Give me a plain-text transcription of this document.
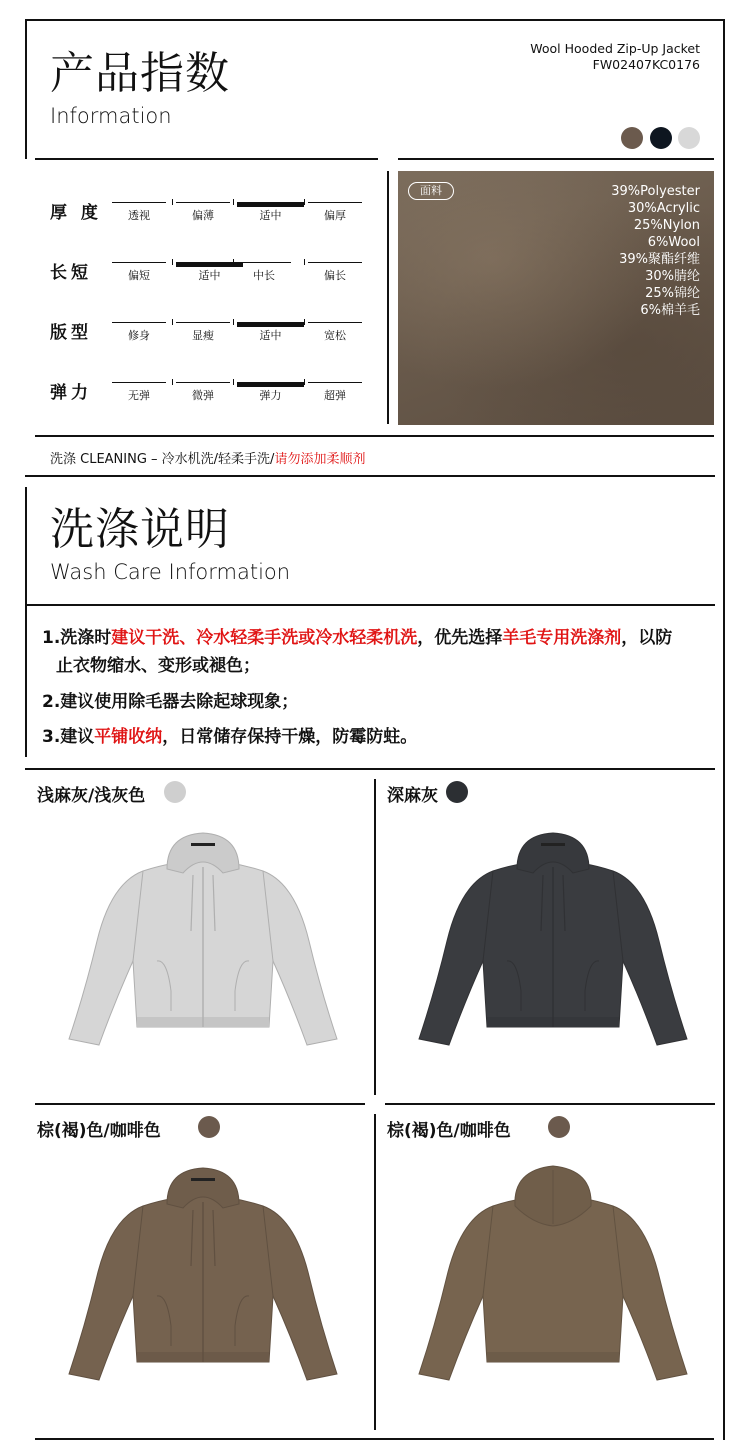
产品指数
Information
Wool Hooded Zip-Up Jacket
FW02407KC0176
厚 度	透视	偏薄	适中	偏厚
长短	偏短	适中	中长	偏长
版型	修身	显瘦	适中	宽松
弹力	无弹	微弹	弹力	超弹
面料	39%Polyester
30%Acrylic
25%Nylon
6%Wool
39%聚酯纤维
30%腈纶
25%锦纶
6%棉羊毛
洗涤 CLEANING – 冷水机洗/轻柔手洗/请勿添加柔顺剂
洗涤说明
Wash Care Information
1.洗涤时建议干洗、冷水轻柔手洗或冷水轻柔机洗，优先选择羊毛专用洗涤剂，以防
止衣物缩水、变形或褪色；
2.建议使用除毛器去除起球现象；
3.建议平铺收纳，日常储存保持干燥，防霉防蛀。
浅麻灰/浅灰色	深麻灰
棕(褐)色/咖啡色	棕(褐)色/咖啡色
